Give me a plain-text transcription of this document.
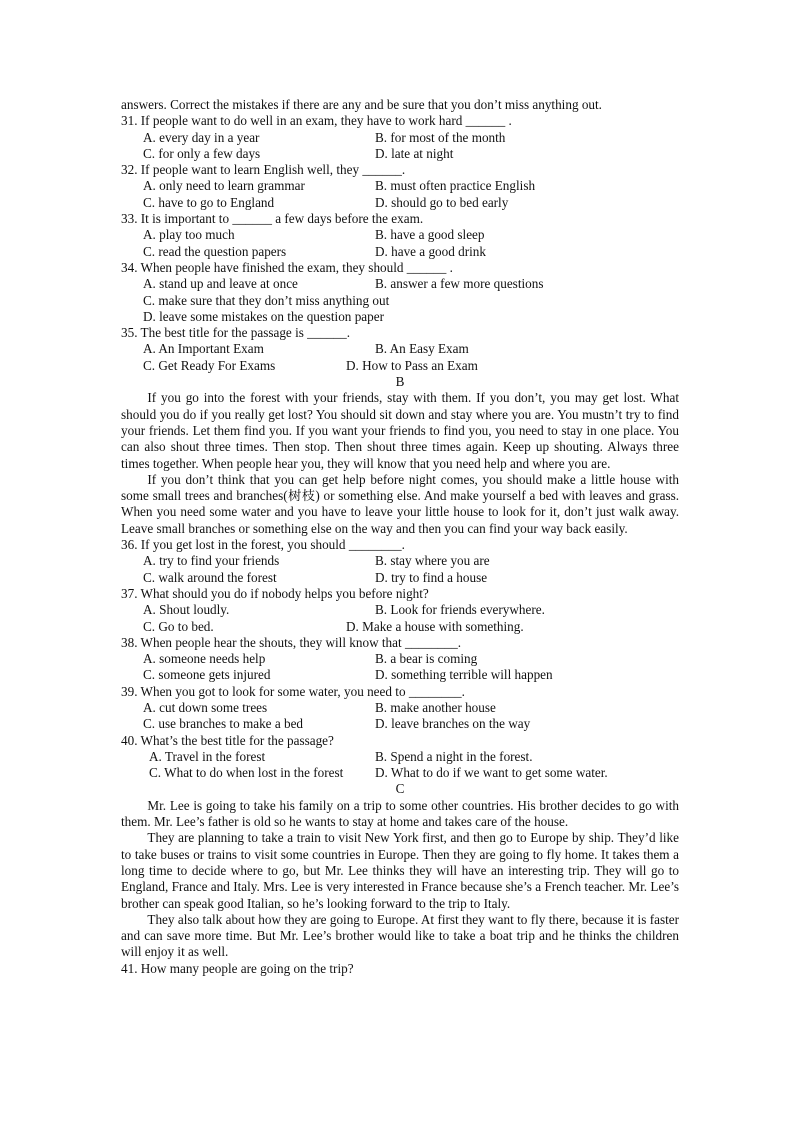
answers. Correct the mistakes if there are any and be sure that you don’t miss anything out.
31. If people want to do well in an exam, they have to work hard ______ .
A. every day in a year	B. for most of the month
C. for only a few days	D. late at night
32. If people want to learn English well, they ______.
A. only need to learn grammar	B. must often practice English
C. have to go to England	D. should go to bed early
33. It is important to ______ a few days before the exam.
A. play too much	B. have a good sleep
C. read the question papers	D. have a good drink
34. When people have finished the exam, they should ______ .
A. stand up and leave at once	B. answer a few more questions
C. make sure that they don’t miss anything out
D. leave some mistakes on the question paper
35. The best title for the passage is ______.
A. An Important Exam	B. An Easy Exam
C. Get Ready For Exams	D. How to Pass an Exam
B
If you go into the forest with your friends, stay with them. If you don’t, you may get lost. What should you do if you really get lost? You should sit down and stay where you are. You mustn’t try to find your friends. Let them find you. If you want your friends to find you, you need to stay in one place. You can also shout three times. Then stop. Then shout three times again. Keep up shouting. Always three times together. When people hear you, they will know that you need help and where you are.
If you don’t think that you can get help before night comes, you should make a little house with some small trees and branches(树枝) or something else. And make yourself a bed with leaves and grass. When you need some water and you have to leave your little house to look for it, don’t just walk away. Leave small branches or something else on the way and then you can find your way back easily.
36. If you get lost in the forest, you should ________.
A. try to find your friends	B. stay where you are
C. walk around the forest	D. try to find a house
37. What should you do if nobody helps you before night?
A. Shout loudly.	B. Look for friends everywhere.
C. Go to bed.	D. Make a house with something.
38. When people hear the shouts, they will know that ________.
A. someone needs help	B. a bear is coming
C. someone gets injured	D. something terrible will happen
39. When you got to look for some water, you need to ________.
A. cut down some trees	B. make another house
C. use branches to make a bed	D. leave branches on the way
40. What’s the best title for the passage?
A. Travel in the forest	B. Spend a night in the forest.
C. What to do when lost in the forest D. What to do if we want to get some water.
C
Mr. Lee is going to take his family on a trip to some other countries. His brother decides to go with them. Mr. Lee’s father is old so he wants to stay at home and takes care of the house.
They are planning to take a train to visit New York first, and then go to Europe by ship. They’d like to take buses or trains to visit some countries in Europe. Then they are going to fly home. It takes them a long time to decide where to go, but Mr. Lee thinks they will have an interesting trip. They will go to England, France and Italy. Mrs. Lee is very interested in France because she’s a French teacher. Mr. Lee’s brother can speak good Italian, so he’s looking forward to the trip to Italy.
They also talk about how they are going to Europe. At first they want to fly there, because it is faster and can save more time. But Mr. Lee’s brother would like to take a boat trip and he thinks the children will enjoy it as well.
41. How many people are going on the trip?
